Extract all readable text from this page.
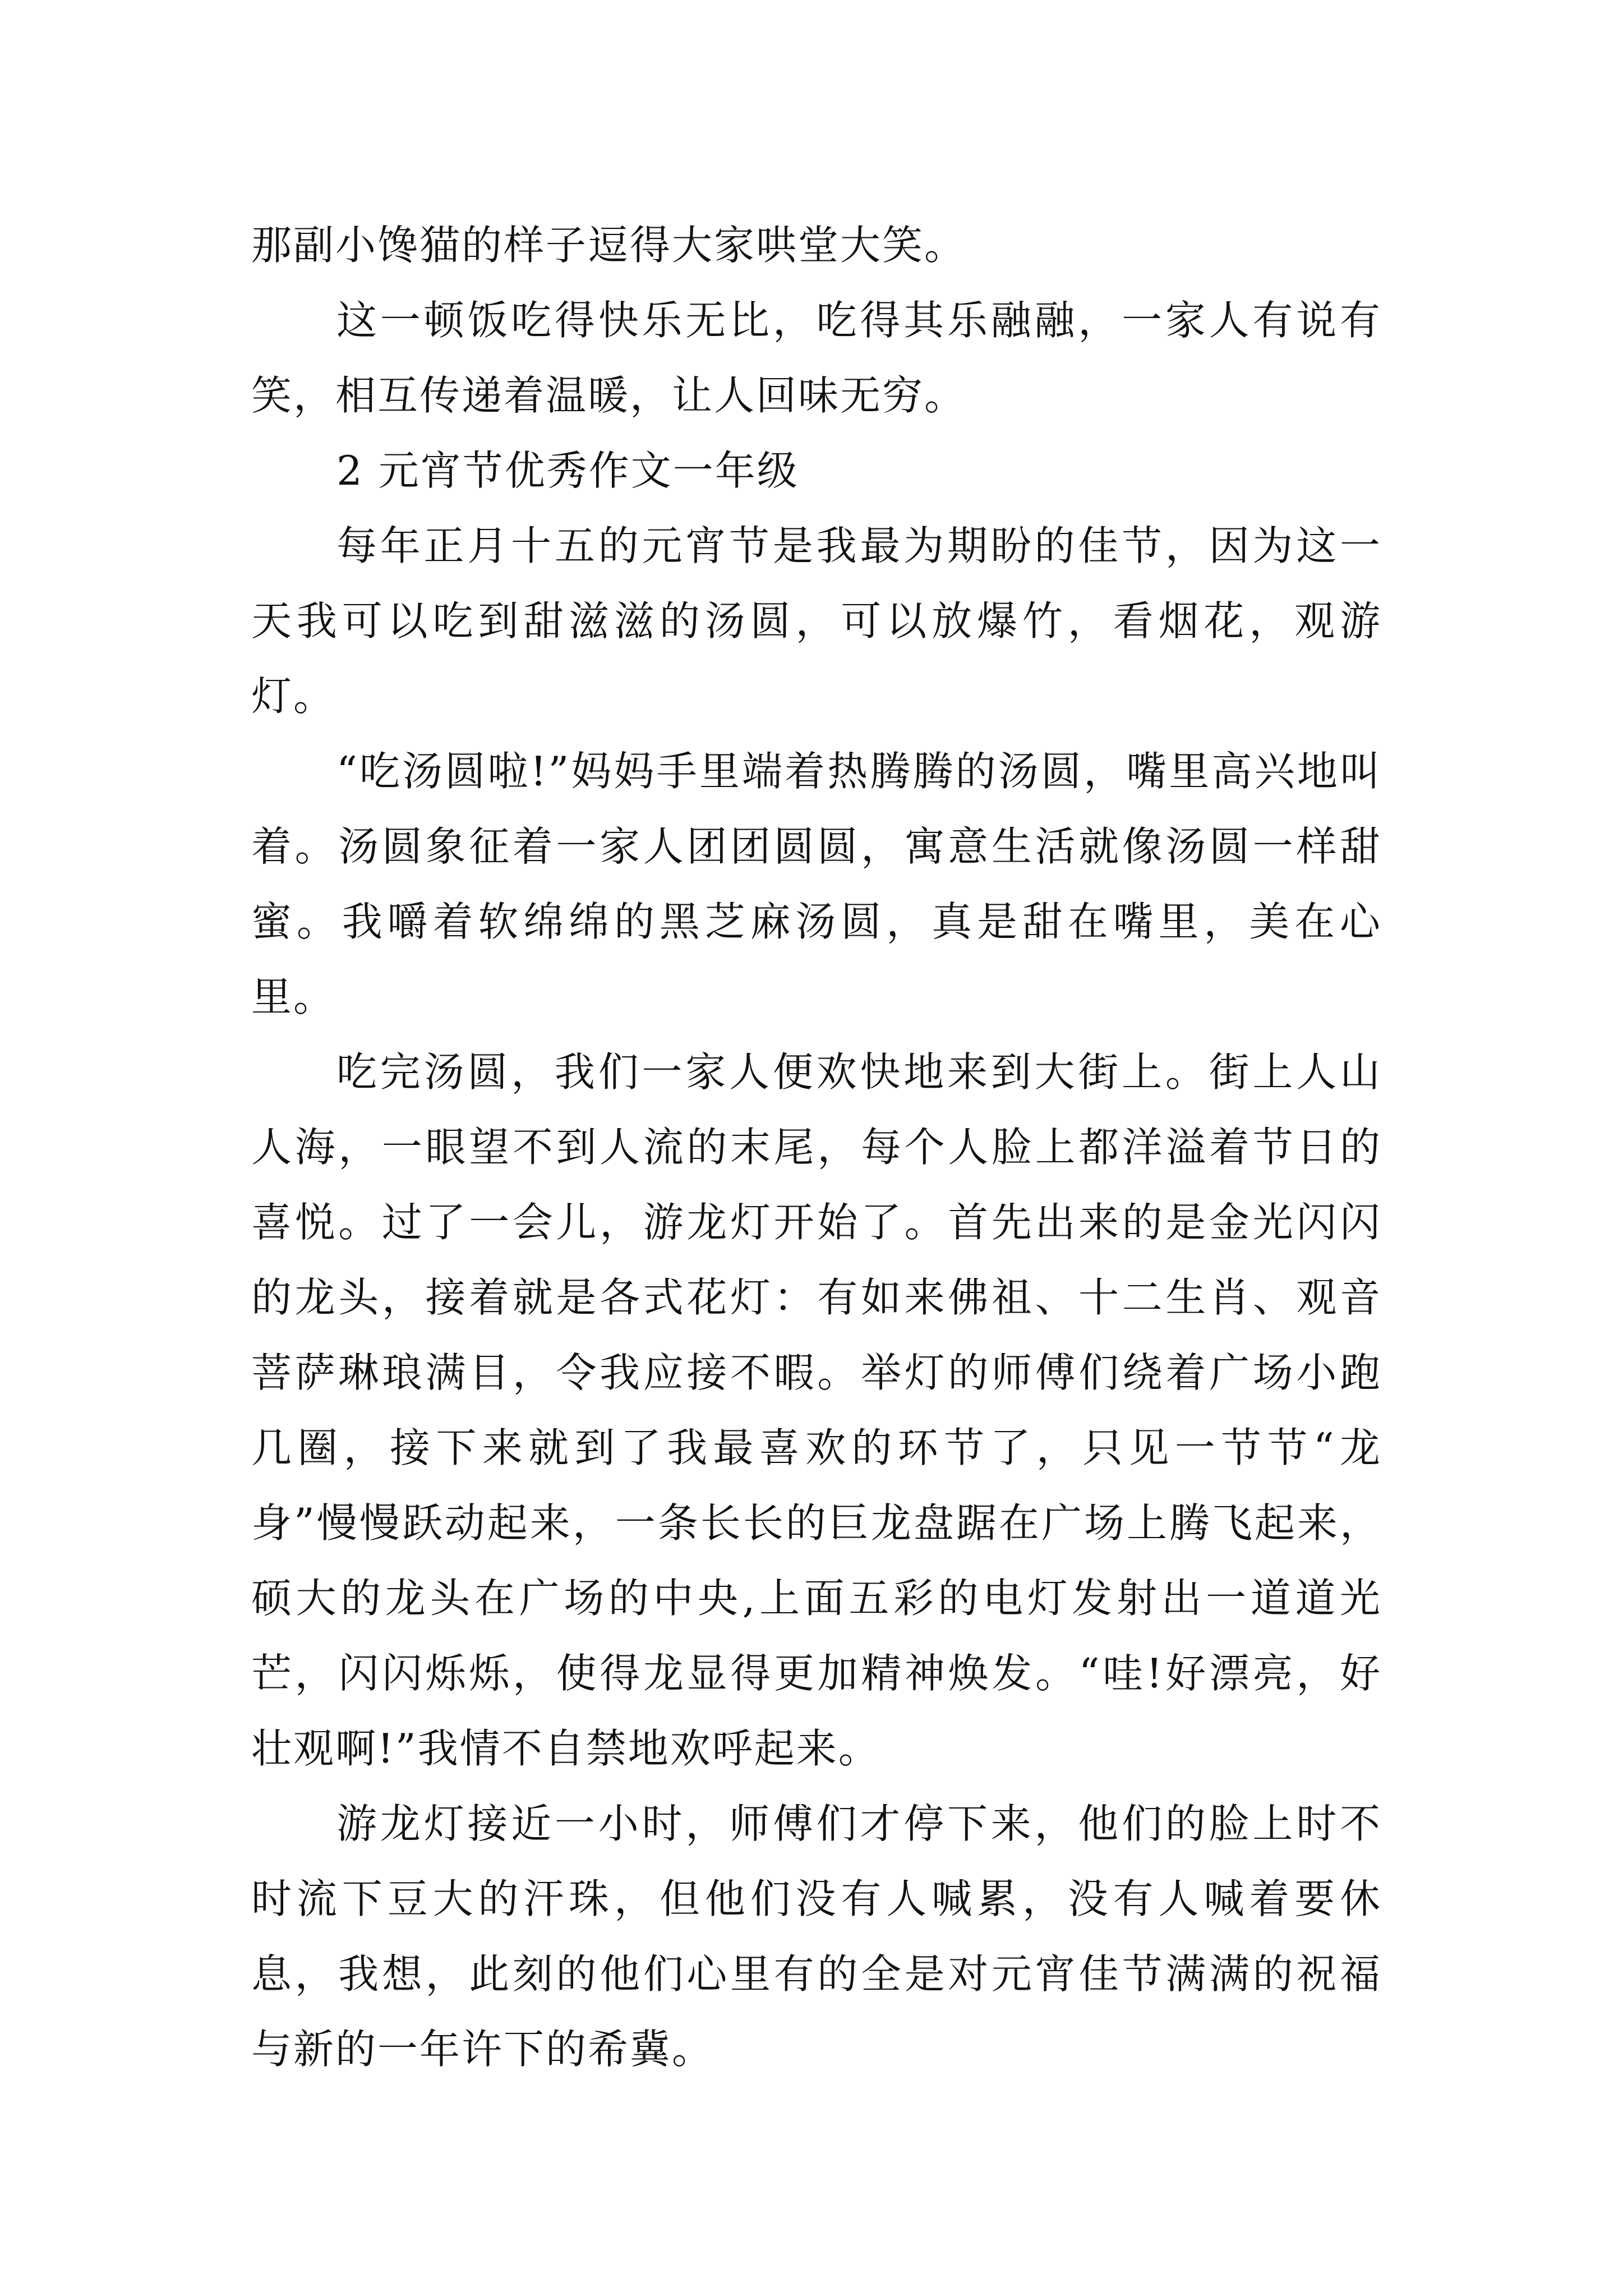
那副小馋猫的样子逗得大家哄堂大笑。

这一顿饭吃得快乐无比，吃得其乐融融，一家人有说有笑，相互传递着温暖，让人回味无穷。

2 元宵节优秀作文一年级

每年正月十五的元宵节是我最为期盼的佳节，因为这一天我可以吃到甜滋滋的汤圆，可以放爆竹，看烟花，观游灯。

“吃汤圆啦!”妈妈手里端着热腾腾的汤圆，嘴里高兴地叫着。汤圆象征着一家人团团圆圆，寓意生活就像汤圆一样甜蜜。我嚼着软绵绵的黑芝麻汤圆，真是甜在嘴里，美在心里。

吃完汤圆，我们一家人便欢快地来到大街上。街上人山人海，一眼望不到人流的末尾，每个人脸上都洋溢着节日的喜悦。过了一会儿，游龙灯开始了。首先出来的是金光闪闪的龙头，接着就是各式花灯：有如来佛祖、十二生肖、观音菩萨琳琅满目，令我应接不暇。举灯的师傅们绕着广场小跑几圈，接下来就到了我最喜欢的环节了，只见一节节“龙身”慢慢跃动起来，一条长长的巨龙盘踞在广场上腾飞起来，硕大的龙头在广场的中央,上面五彩的电灯发射出一道道光芒，闪闪烁烁，使得龙显得更加精神焕发。“哇!好漂亮，好壮观啊!”我情不自禁地欢呼起来。

游龙灯接近一小时，师傅们才停下来，他们的脸上时不时流下豆大的汗珠，但他们没有人喊累，没有人喊着要休息，我想，此刻的他们心里有的全是对元宵佳节满满的祝福与新的一年许下的希冀。
